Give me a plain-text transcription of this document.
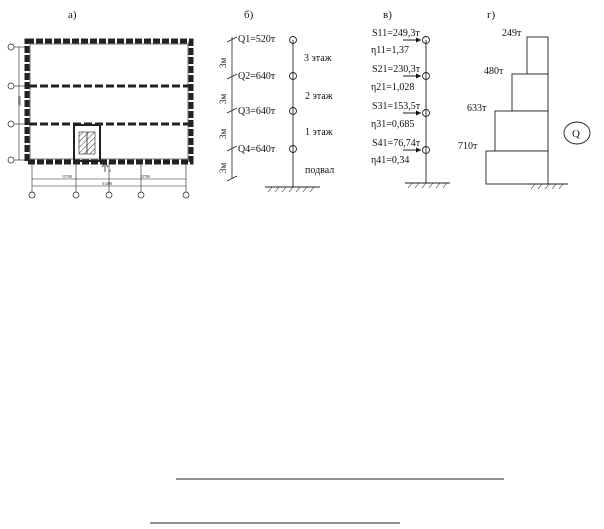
а)	б)	в)	г)
16600
15700	15700
31400
2
Q1=520т
Q2=640т
Q3=640т
Q4=640т
3м
3м
3м
3м
3 этаж
2 этаж
1 этаж
подвал
S11=249,3т
η11=1,37
S21=230,3т
η21=1,028
S31=153,5т
η31=0,685
S41=76,74т
η41=0,34
249т
480т
633т
710т
Q
